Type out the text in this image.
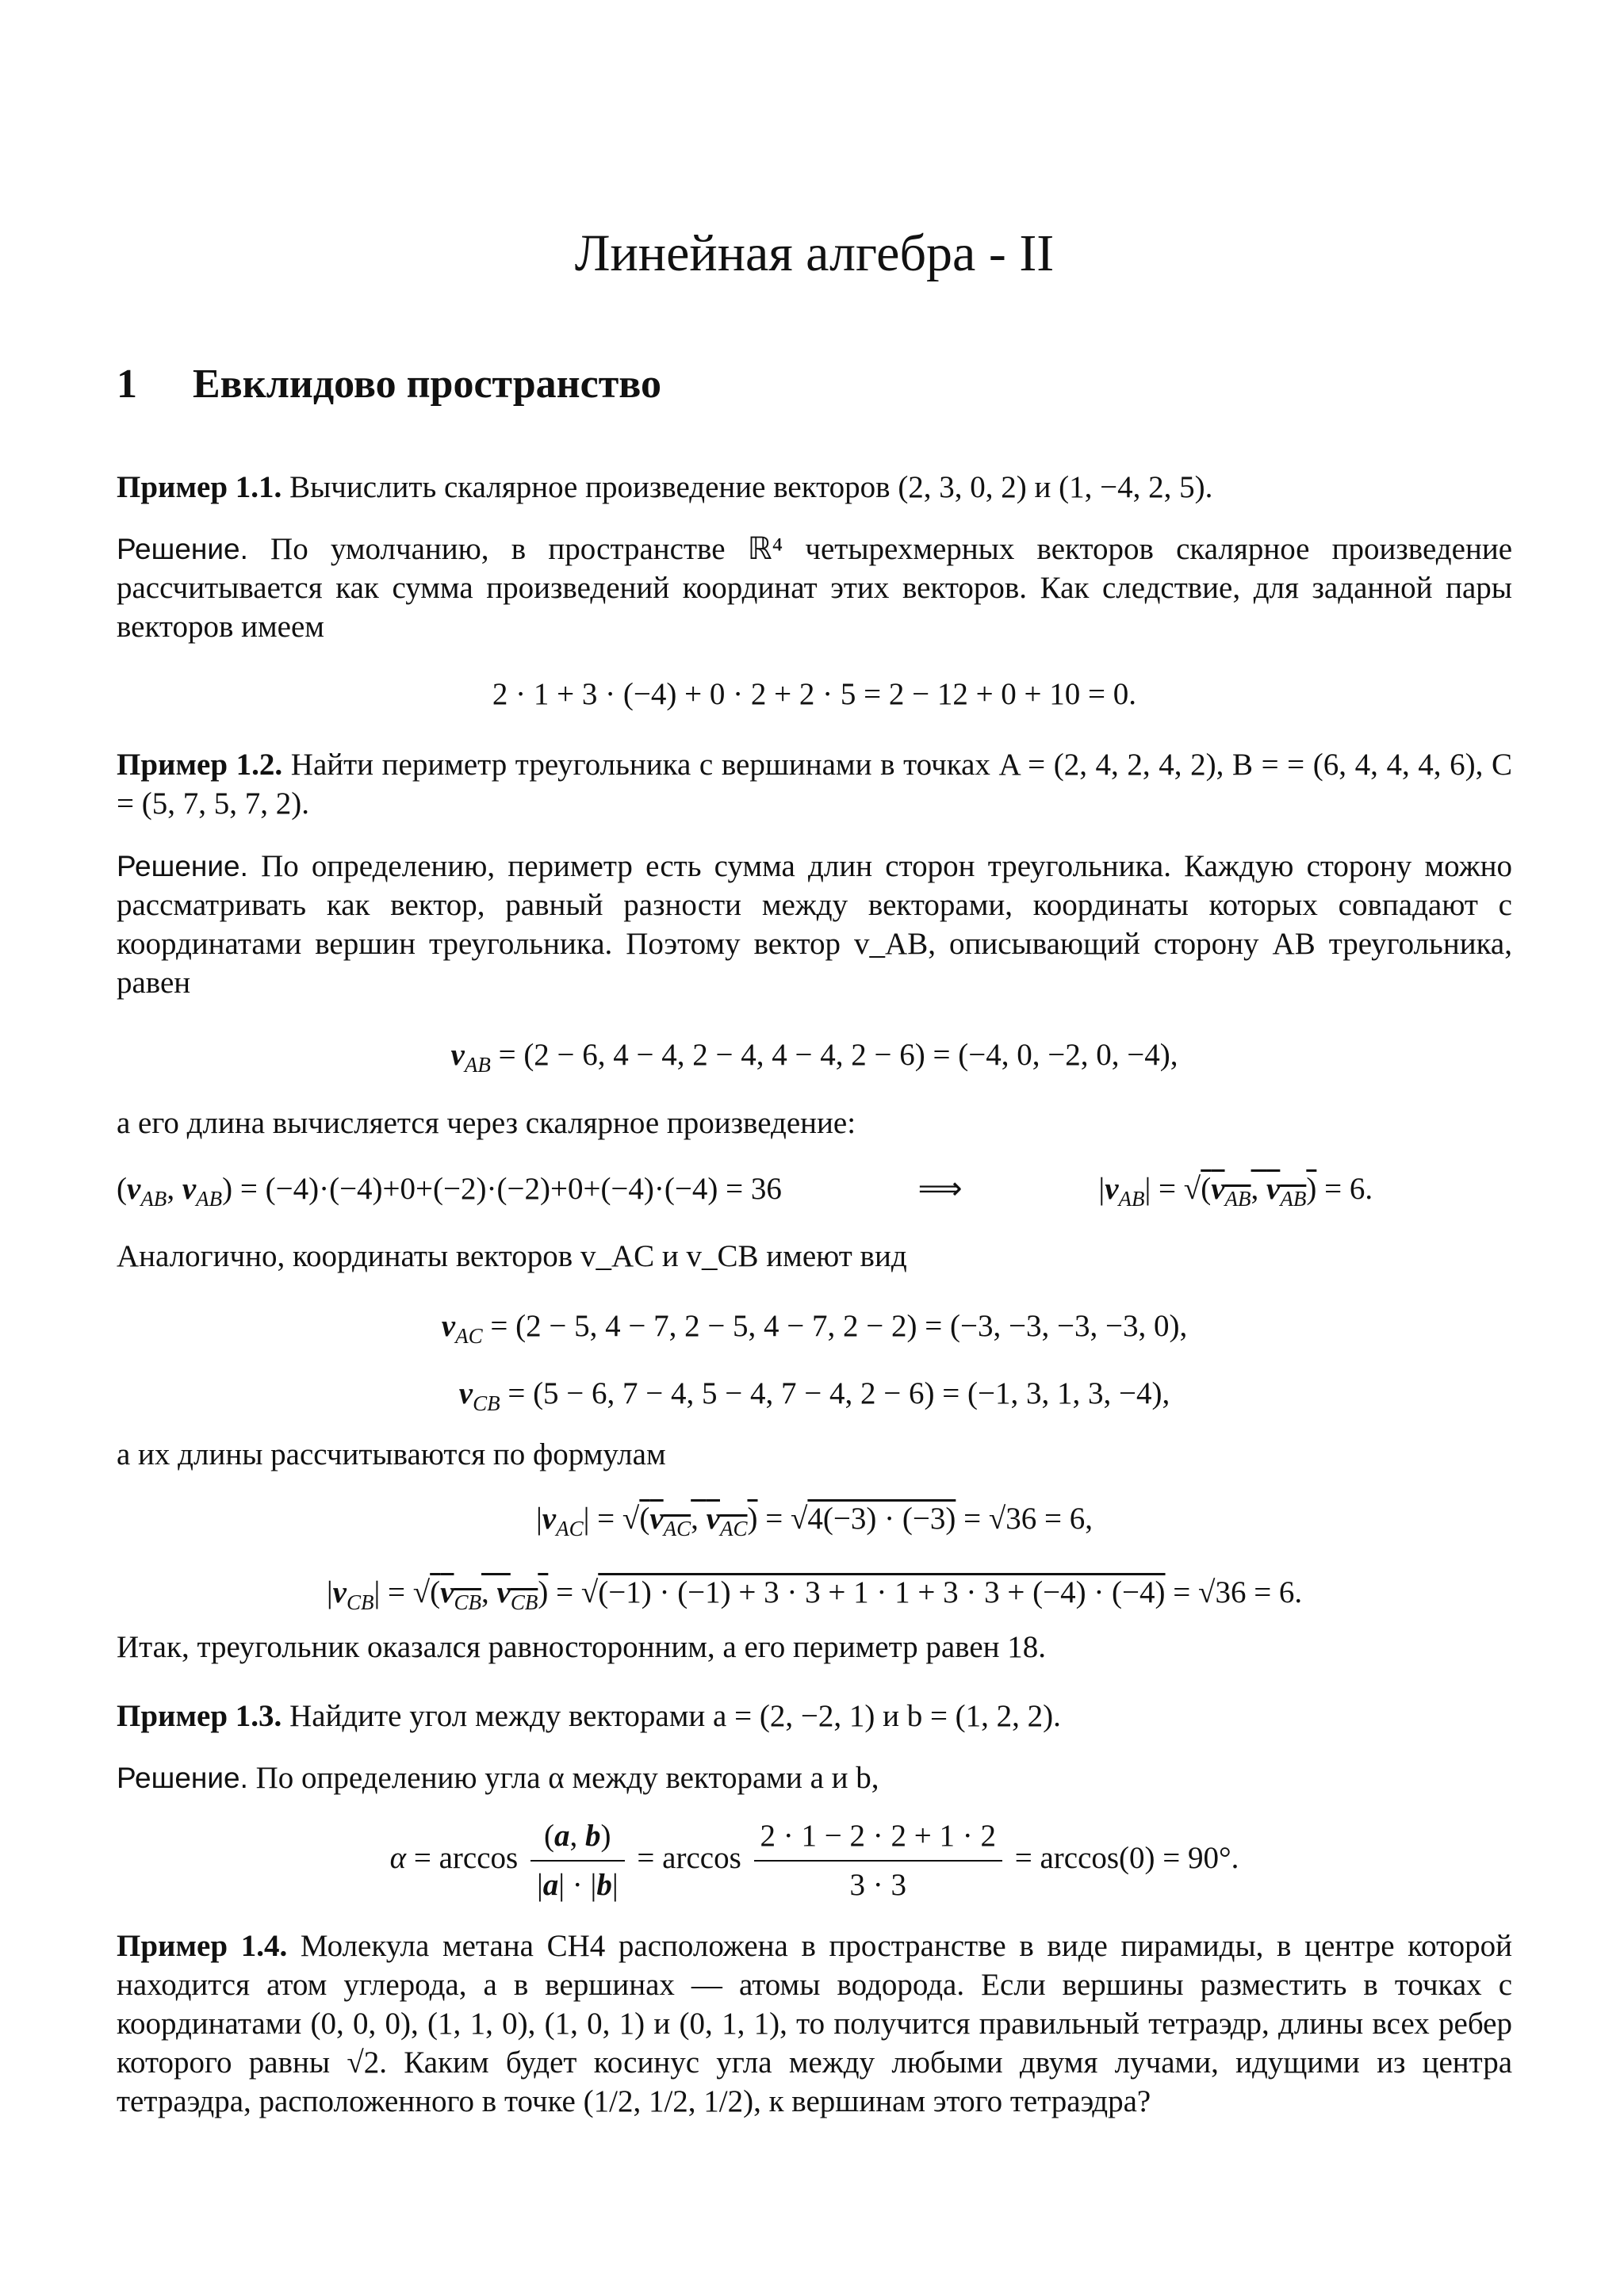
Линейная алгебра - II
1 Евклидово пространство
Пример 1.1. Вычислить скалярное произведение векторов (2, 3, 0, 2) и (1, −4, 2, 5).
Решение. По умолчанию, в пространстве ℝ⁴ четырехмерных векторов скалярное произведение рассчитывается как сумма произведений координат этих векторов. Как следствие, для заданной пары векторов имеем
2 · 1 + 3 · (−4) + 0 · 2 + 2 · 5 = 2 − 12 + 0 + 10 = 0.
Пример 1.2. Найти периметр треугольника с вершинами в точках A = (2, 4, 2, 4, 2), B = = (6, 4, 4, 4, 6), C = (5, 7, 5, 7, 2).
Решение. По определению, периметр есть сумма длин сторон треугольника. Каждую сторону можно рассматривать как вектор, равный разности между векторами, координаты которых совпадают с координатами вершин треугольника. Поэтому вектор v_AB, описывающий сторону AB треугольника, равен
$v_{AB} = (2 - 6$, 4 − 4, 2 − 4, 4 − 4, 2 − 6) = (−4, 0, −2, 0, −4),
а его длина вычисляется через скалярное произведение:
($v_{AB}$, $v_{AB}) = (-4)\cdot(-4)+0+(-2)\cdot(-2)+0+(-4)\cdot(-4) = 36$	⟹	$|v_{AB}| = √(v_{AB}$, $v_{AB}) = 6$.
Аналогично, координаты векторов v_AC и v_CB имеют вид
$v_{AC} = (2 - 5$, 4 − 7, 2 − 5, 4 − 7, 2 − 2) = (−3, −3, −3, −3, 0),
$v_{CB} = (5 - 6$, 7 − 4, 5 − 4, 7 − 4, 2 − 6) = (−1, 3, 1, 3, −4),
а их длины рассчитываются по формулам
$|v_{AC}| = √(v_{AC}$, $v_{AC}) = √4(-3) \cdot (-3) = √36 = 6$,
$|v_{CB}| = √(v_{CB}$, $v_{CB}) = √(-1) \cdot (-1) + 3 \cdot 3 + 1 \cdot 1 + 3 \cdot 3 + (-4) \cdot (-4) = √36 = 6$.
Итак, треугольник оказался равносторонним, а его периметр равен 18.
Пример 1.3. Найдите угол между векторами a = (2, −2, 1) и b = (1, 2, 2).
Решение. По определению угла α между векторами a и b,
$\alpha = \arccos \frac{(a, b)}{|a| \cdot |b|} = \arccos \frac{2 \cdot 1 - 2 \cdot 2 + 1 \cdot 2}{3 \cdot 3} = \arccos(0) = 90^\circ$.
Пример 1.4. Молекула метана CH4 расположена в пространстве в виде пирамиды, в центре которой находится атом углерода, а в вершинах — атомы водорода. Если вершины разместить в точках с координатами (0, 0, 0), (1, 1, 0), (1, 0, 1) и (0, 1, 1), то получится правильный тетраэдр, длины всех ребер которого равны √2. Каким будет косинус угла между любыми двумя лучами, идущими из центра тетраэдра, расположенного в точке (1/2, 1/2, 1/2), к вершинам этого тетраэдра?
